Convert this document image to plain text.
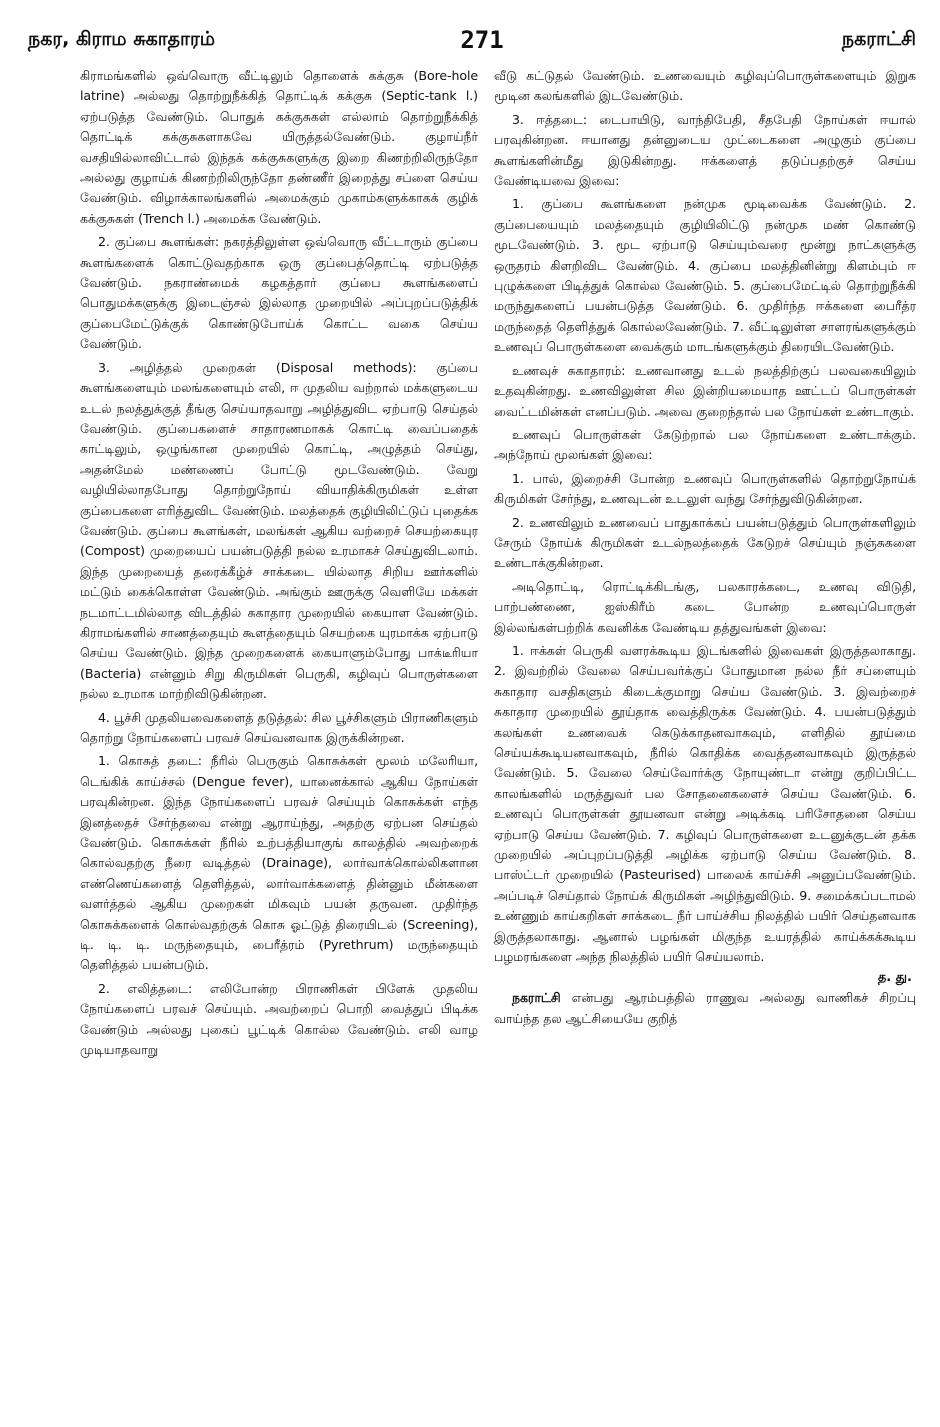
நகர, கிராம சுகாதாரம்	271	நகராட்சி

கிராமங்களில் ஒவ்வொரு வீட்டிலும் தொளைக் கக்குசு (Bore-hole latrine) அல்லது தொற்றுநீக்கித் தொட்டிக் கக்குசு (Septic-tank l.) ஏற்படுத்த வேண்டும். பொதுக் கக்குசுகள் எல்லாம் தொற்றுநீக்கித் தொட்டிக் கக்குசுகளாகவே யிருத்தல்வேண்டும். குழாய்நீர் வசதியில்லாவிட்டால் இந்தக் கக்குசுகளுக்கு இறை கிணற்றிலிருந்தோ அல்லது குழாய்க் கிணற்றிலிருந்தோ தண்ணீர் இறைத்து சப்ளை செய்ய வேண்டும். விழாக்காலங்களில் அமைக்கும் முகாம்களுக்காகக் குழிக் கக்குசுகள் (Trench l.) அமைக்க வேண்டும்.

2. குப்பை கூளங்கள்: நகரத்திலுள்ள ஒவ்வொரு வீட்டாரும் குப்பை கூளங்களைக் கொட்டுவதற்காக ஒரு குப்பைத்தொட்டி ஏற்படுத்த வேண்டும். நகராண்மைக் கழகத்தார் குப்பை கூளங்களைப் பொதுமக்களுக்கு இடைஞ்சல் இல்லாத முறையில் அப்புறப்படுத்திக் குப்பைமேட்டுக்குக் கொண்டுபோய்க் கொட்ட வகை செய்ய வேண்டும்.

3. அழித்தல் முறைகள் (Disposal methods): குப்பை கூளங்களையும் மலங்களையும் எலி, ஈ முதலிய வற்றால் மக்களுடைய உடல் நலத்துக்குத் தீங்கு செய்யாதவாறு அழித்துவிட ஏற்பாடு செய்தல் வேண்டும். குப்பைகளைச் சாதாரணமாகக் கொட்டி வைப்பதைக் காட்டிலும், ஒழுங்கான முறையில் கொட்டி, அழுத்தம் செய்து, அதன்மேல் மண்ணைப் போட்டு மூடவேண்டும். வேறு வழியில்லாதபோது தொற்றுநோய் வியாதிக்கிருமிகள் உள்ள குப்பைகளை எரித்துவிட வேண்டும். மலத்தைக் குழியிலிட்டுப் புதைக்க வேண்டும். குப்பை கூளங்கள், மலங்கள் ஆகிய வற்றைச் செயற்கையுர (Compost) முறையைப் பயன்படுத்தி நல்ல உரமாகச் செய்துவிடலாம். இந்த முறையைத் தரைக்கீழ்ச் சாக்கடை யில்லாத சிறிய ஊர்களில் மட்டும் கைக்கொள்ள வேண்டும். அங்கும் ஊருக்கு வெளியே மக்கள் நடமாட்டமில்லாத விடத்தில் சுகாதார முறையில் கையாள வேண்டும். கிராமங்களில் சாணத்தையும் கூளத்தையும் செயற்கை யுரமாக்க ஏற்பாடு செய்ய வேண்டும். இந்த முறைகளைக் கையாளும்போது பாக்டீரியா (Bacteria) என்னும் சிறு கிருமிகள் பெருகி, கழிவுப் பொருள்களை நல்ல உரமாக மாற்றிவிடுகின்றன.

4. பூச்சி முதலியவைகளைத் தடுத்தல்: சில பூச்சிகளும் பிராணிகளும் தொற்று நோய்களைப் பரவச் செய்வனவாக இருக்கின்றன.

1. கொசுத் தடை: நீரில் பெருகும் கொசுக்கள் மூலம் மலேரியா, டெங்கிக் காய்ச்சல் (Dengue fever), யானைக்கால் ஆகிய நோய்கள் பரவுகின்றன. இந்த நோய்களைப் பரவச் செய்யும் கொசுக்கள் எந்த இனத்தைச் சேர்ந்தவை என்று ஆராய்ந்து, அதற்கு ஏற்பன செய்தல் வேண்டும். கொசுக்கள் நீரில் உற்பத்தியாகுங் காலத்தில் அவற்றைக் கொல்வதற்கு நீரை வடித்தல் (Drainage), லார்வாக்கொல்லிகளான எண்ணெய்களைத் தெளித்தல், லார்வாக்களைத் தின்னும் மீன்களை வளர்த்தல் ஆகிய முறைகள் மிகவும் பயன் தருவன. முதிர்ந்த கொசுக்களைக் கொல்வதற்குக் கொசு ஓட்டுத் திரையிடல் (Screening), டி. டி. டி. மருந்தையும், பைரீத்ரம் (Pyrethrum) மருந்தையும் தெளித்தல் பயன்படும்.

2. எலித்தடை: எலிபோன்ற பிராணிகள் பிளேக் முதலிய நோய்களைப் பரவச் செய்யும். அவற்றைப் பொறி வைத்துப் பிடிக்க வேண்டும் அல்லது புகைப் பூட்டிக் கொல்ல வேண்டும். எலி வாழ முடியாதவாறு

வீடு கட்டுதல் வேண்டும். உணவையும் கழிவுப்பொருள்களையும் இறுக மூடின கலங்களில் இடவேண்டும்.

3. ஈத்தடை: டைபாயிடு, வாந்திபேதி, சீதபேதி நோய்கள் ஈயால் பரவுகின்றன. ஈயானது தன்னுடைய முட்டைகளை அழுகும் குப்பை கூளங்களின்மீது இடுகின்றது. ஈக்களைத் தடுப்பதற்குச் செய்ய வேண்டியவை இவை:

1. குப்பை கூளங்களை நன்முக மூடிவைக்க வேண்டும். 2. குப்பையையும் மலத்தையும் குழியிலிட்டு நன்முக மண் கொண்டு மூடவேண்டும். 3. மூட ஏற்பாடு செய்யும்வரை மூன்று நாட்களுக்கு ஒருதரம் கிளறிவிட வேண்டும். 4. குப்பை மலத்தினின்று கிளம்பும் ஈ புழுக்களை பிடித்துக் கொல்ல வேண்டும். 5. குப்பைமேட்டில் தொற்றுநீக்கி மருந்துகளைப் பயன்படுத்த வேண்டும். 6. முதிர்ந்த ஈக்களை பைரீத்ர மருந்தைத் தெளித்துக் கொல்லவேண்டும். 7. வீட்டிலுள்ள சாளரங்களுக்கும் உணவுப் பொருள்களை வைக்கும் மாடங்களுக்கும் திரையிடவேண்டும்.

உணவுச் சுகாதாரம்: உணவானது உடல் நலத்திற்குப் பலவகையிலும் உதவுகின்றது. உணவிலுள்ள சில இன்றியமையாத ஊட்டப் பொருள்கள் வைட்டமின்கள் எனப்படும். அவை குறைந்தால் பல நோய்கள் உண்டாகும்.

உணவுப் பொருள்கள் கேடுற்றால் பல நோய்களை உண்டாக்கும். அந்நோய் மூலங்கள் இவை:

1. பால், இறைச்சி போன்ற உணவுப் பொருள்களில் தொற்றுநோய்க் கிருமிகள் சேர்ந்து, உணவுடன் உடலுள் வந்து சேர்ந்துவிடுகின்றன.

2. உணவிலும் உணவைப் பாதுகாக்கப் பயன்படுத்தும் பொருள்களிலும் சேரும் நோய்க் கிருமிகள் உடல்நலத்தைக் கேடுறச் செய்யும் நஞ்சுகளை உண்டாக்குகின்றன.

அடிதொட்டி, ரொட்டிக்கிடங்கு, பலகாரக்கடை, உணவு விடுதி, பாற்பண்ணை, ஐஸ்கிரீம் கடை போன்ற உணவுப்பொருள் இல்லங்கள்பற்றிக் கவனிக்க வேண்டிய தத்துவங்கள் இவை:

1. ஈக்கள் பெருகி வளரக்கூடிய இடங்களில் இவைகள் இருத்தலாகாது. 2. இவற்றில் வேலை செய்பவர்க்குப் போதுமான நல்ல நீர் சப்ளையும் சுகாதார வசதிகளும் கிடைக்குமாறு செய்ய வேண்டும். 3. இவற்றைச் சுகாதார முறையில் தூய்தாக வைத்திருக்க வேண்டும். 4. பயன்படுத்தும் கலங்கள் உணவைக் கெடுக்காதனவாகவும், எளிதில் தூய்மை செய்யக்கூடியனவாகவும், நீரில் கொதிக்க வைத்தனவாகவும் இருத்தல் வேண்டும். 5. வேலை செய்வோர்க்கு நோயுண்டா என்று குறிப்பிட்ட காலங்களில் மருத்துவர் பல சோதனைகளைச் செய்ய வேண்டும். 6. உணவுப் பொருள்கள் தூயனவா என்று அடிக்கடி பரிசோதனை செய்ய ஏற்பாடு செய்ய வேண்டும். 7. கழிவுப் பொருள்களை உடனுக்குடன் தக்க முறையில் அப்புறப்படுத்தி அழிக்க ஏற்பாடு செய்ய வேண்டும். 8. பாஸ்ட்டர் முறையில் (Pasteurised) பாலைக் காய்ச்சி அனுப்பவேண்டும். அப்படிச் செய்தால் நோய்க் கிருமிகள் அழிந்துவிடும். 9. சமைக்கப்படாமல் உண்ணும் காய்கறிகள் சாக்கடை நீர் பாய்ச்சிய நிலத்தில் பயிர் செய்தனவாக இருத்தலாகாது. ஆனால் பழங்கள் மிகுந்த உயரத்தில் காய்க்கக்கூடிய பழமரங்களை அந்த நிலத்தில் பயிர் செய்யலாம்.

த. து.

நகராட்சி என்பது ஆரம்பத்தில் ராணுவ அல்லது வாணிகச் சிறப்பு வாய்ந்த தல ஆட்சியையே குறித்
